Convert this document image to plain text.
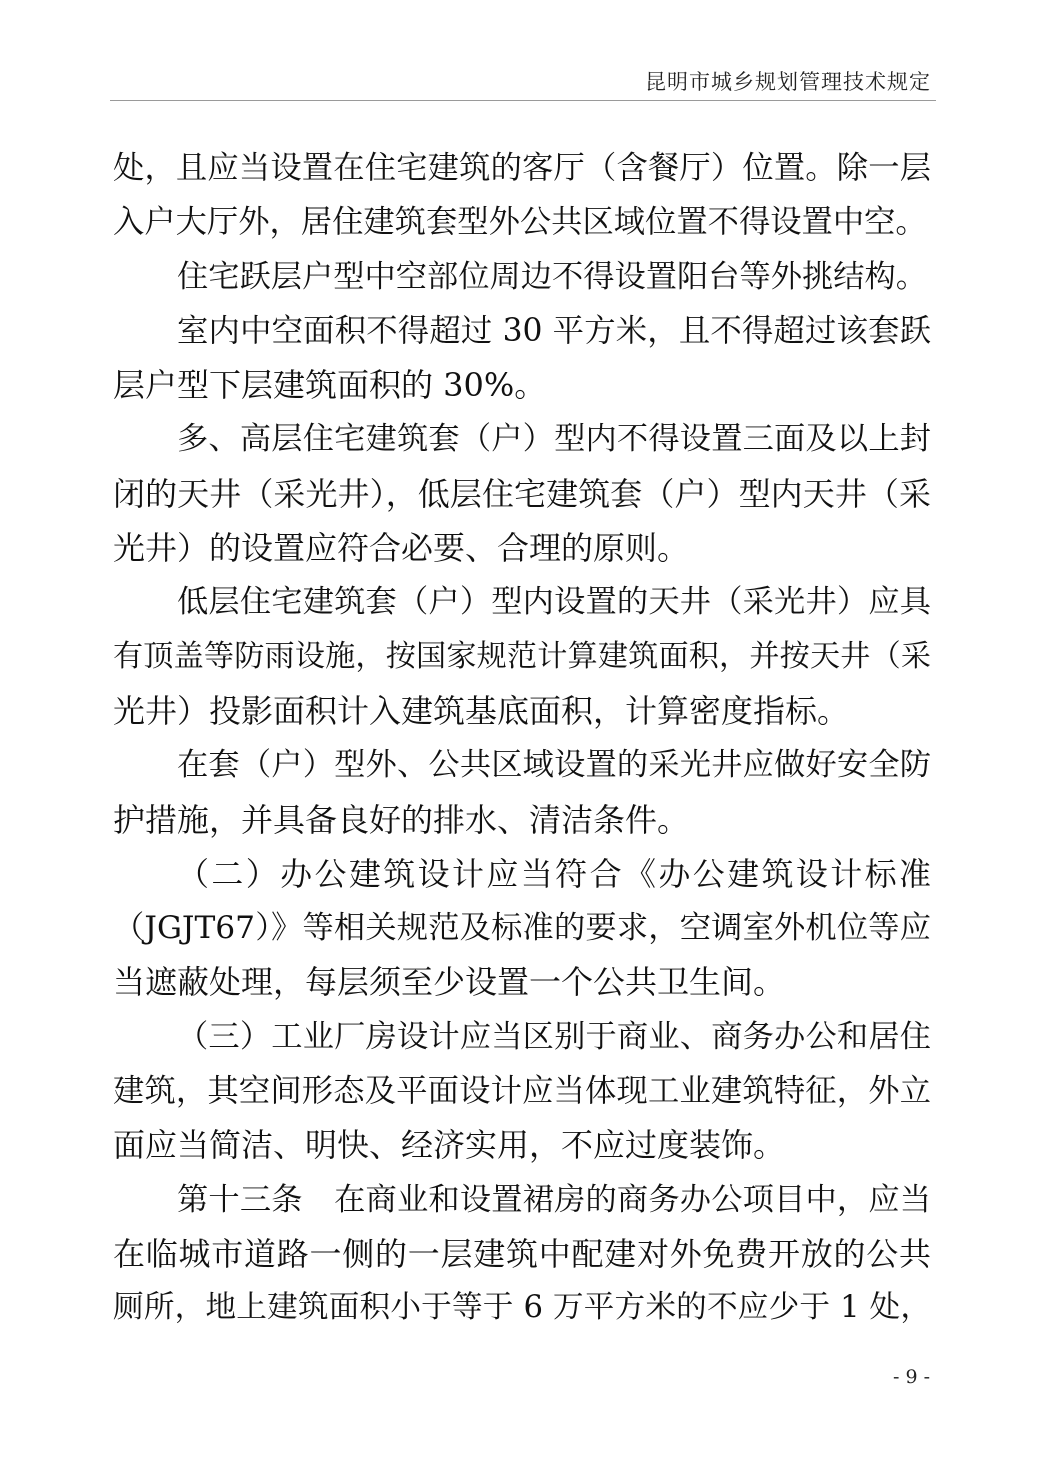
昆明市城乡规划管理技术规定
处，且应当设置在住宅建筑的客厅（含餐厅）位置。除一层
入户大厅外，居住建筑套型外公共区域位置不得设置中空。
住宅跃层户型中空部位周边不得设置阳台等外挑结构。
室内中空面积不得超过 30 平方米，且不得超过该套跃
层户型下层建筑面积的 30%。
多、高层住宅建筑套（户）型内不得设置三面及以上封
闭的天井（采光井），低层住宅建筑套（户）型内天井（采
光井）的设置应符合必要、合理的原则。
低层住宅建筑套（户）型内设置的天井（采光井）应具
有顶盖等防雨设施，按国家规范计算建筑面积，并按天井（采
光井）投影面积计入建筑基底面积，计算密度指标。
在套（户）型外、公共区域设置的采光井应做好安全防
护措施，并具备良好的排水、清洁条件。
（二）办公建筑设计应当符合《办公建筑设计标准
（JGJT67）》等相关规范及标准的要求，空调室外机位等应
当遮蔽处理，每层须至少设置一个公共卫生间。
（三）工业厂房设计应当区别于商业、商务办公和居住
建筑，其空间形态及平面设计应当体现工业建筑特征，外立
面应当简洁、明快、经济实用，不应过度装饰。
第十三条　在商业和设置裙房的商务办公项目中，应当
在临城市道路一侧的一层建筑中配建对外免费开放的公共
厕所，地上建筑面积小于等于 6 万平方米的不应少于 1 处，
- 9 -
